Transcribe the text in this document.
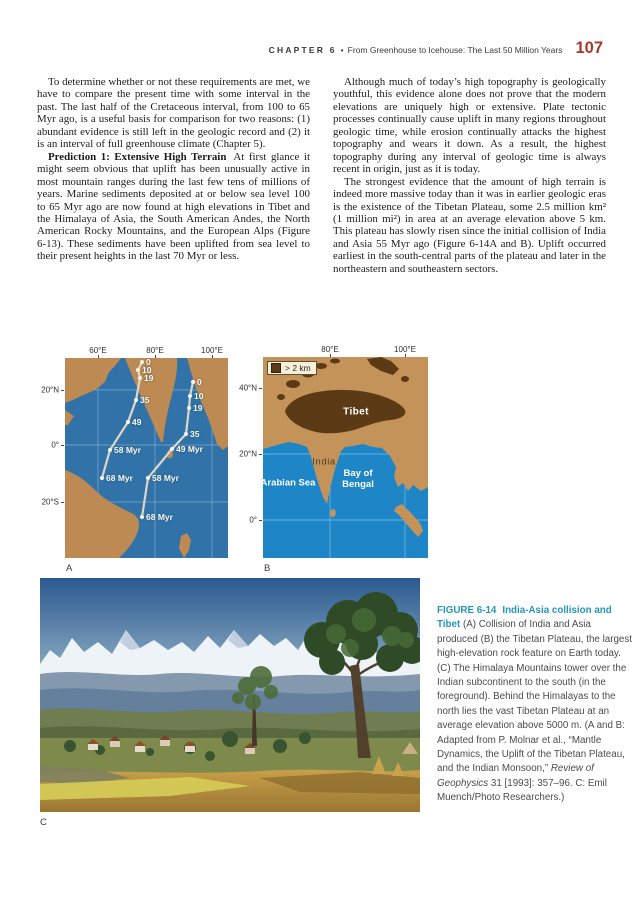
CHAPTER 6 • From Greenhouse to Icehouse: The Last 50 Million Years 107

To determine whether or not these requirements are met, we have to compare the present time with some interval in the past. The last half of the Cretaceous interval, from 100 to 65 Myr ago, is a useful basis for comparison for two reasons: (1) abundant evidence is still left in the geologic record and (2) it is an interval of full greenhouse climate (Chapter 5).

Prediction 1: Extensive High Terrain At first glance it might seem obvious that uplift has been unusually active in most mountain ranges during the last few tens of millions of years. Marine sediments deposited at or below sea level 100 to 65 Myr ago are now found at high elevations in Tibet and the Himalaya of Asia, the South American Andes, the North American Rocky Mountains, and the European Alps (Figure 6-13). These sediments have been uplifted from sea level to their present heights in the last 70 Myr or less.

Although much of today’s high topography is geologically youthful, this evidence alone does not prove that the modern elevations are uniquely high or extensive. Plate tectonic processes continually cause uplift in many regions throughout geologic time, while erosion continually attacks the highest topography and wears it down. As a result, the highest topography during any interval of geologic time is always recent in origin, just as it is today.

The strongest evidence that the amount of high terrain is indeed more massive today than it was in earlier geologic eras is the existence of the Tibetan Plateau, some 2.5 million km² (1 million mi²) in area at an average elevation above 5 km. This plateau has slowly risen since the initial collision of India and Asia 55 Myr ago (Figure 6-14A and B). Uplift occurred earliest in the south-central parts of the plateau and later in the northeastern and southeastern sectors.

60°E	80°E	100°E
20°N
0°
20°S
A
0
10
19
35
49
58 Myr
68 Myr
0
10
19
35
49 Myr
58 Myr
68 Myr
> 2 km
80°E	100°E
40°N
20°N
0°
Tibet
India
Arabian Sea
Bay of Bengal
B
C
FIGURE 6-14 India-Asia collision and Tibet (A) Collision of India and Asia produced (B) the Tibetan Plateau, the largest high-elevation rock feature on Earth today. (C) The Himalaya Mountains tower over the Indian subcontinent to the south (in the foreground). Behind the Himalayas to the north lies the vast Tibetan Plateau at an average elevation above 5000 m. (A and B: Adapted from P. Molnar et al., “Mantle Dynamics, the Uplift of the Tibetan Plateau, and the Indian Monsoon,” Review of Geophysics 31 [1993]: 357–96. C: Emil Muench/Photo Researchers.)
